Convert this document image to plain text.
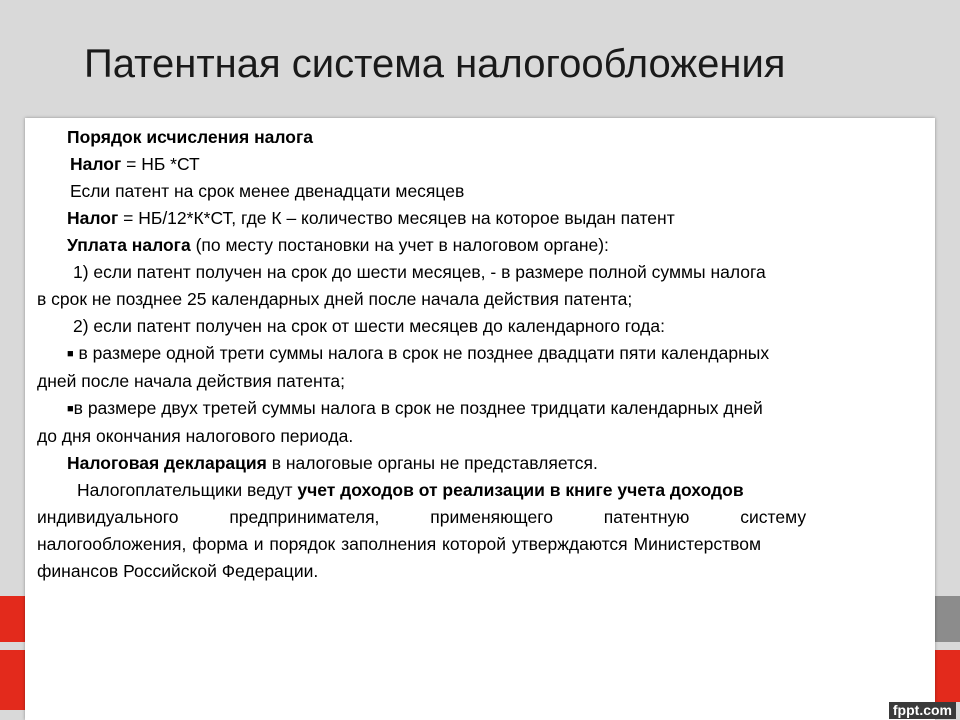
Патентная система налогообложения
Порядок исчисления налога
Налог = НБ *СТ
Если патент на срок менее двенадцати месяцев
Налог = НБ/12*К*СТ, где К – количество месяцев на которое выдан патент
Уплата налога (по месту постановки на учет в налоговом органе):
1) если патент получен на срок до шести месяцев, - в размере полной суммы налога
в срок не позднее 25 календарных дней после начала действия патента;
2) если патент получен на срок от шести месяцев до календарного года:
■ в размере одной трети суммы налога в срок не позднее двадцати пяти календарных
дней после начала действия патента;
■в размере двух третей суммы налога в срок не позднее тридцати календарных дней
до дня окончания налогового периода.
Налоговая декларация в налоговые органы не представляется.
Налогоплательщики ведут учет доходов от реализации в книге учета доходов
индивидуального предпринимателя, применяющего патентную систему
налогообложения, форма и порядок заполнения которой утверждаются Министерством
финансов Российской Федерации.
fppt.com
